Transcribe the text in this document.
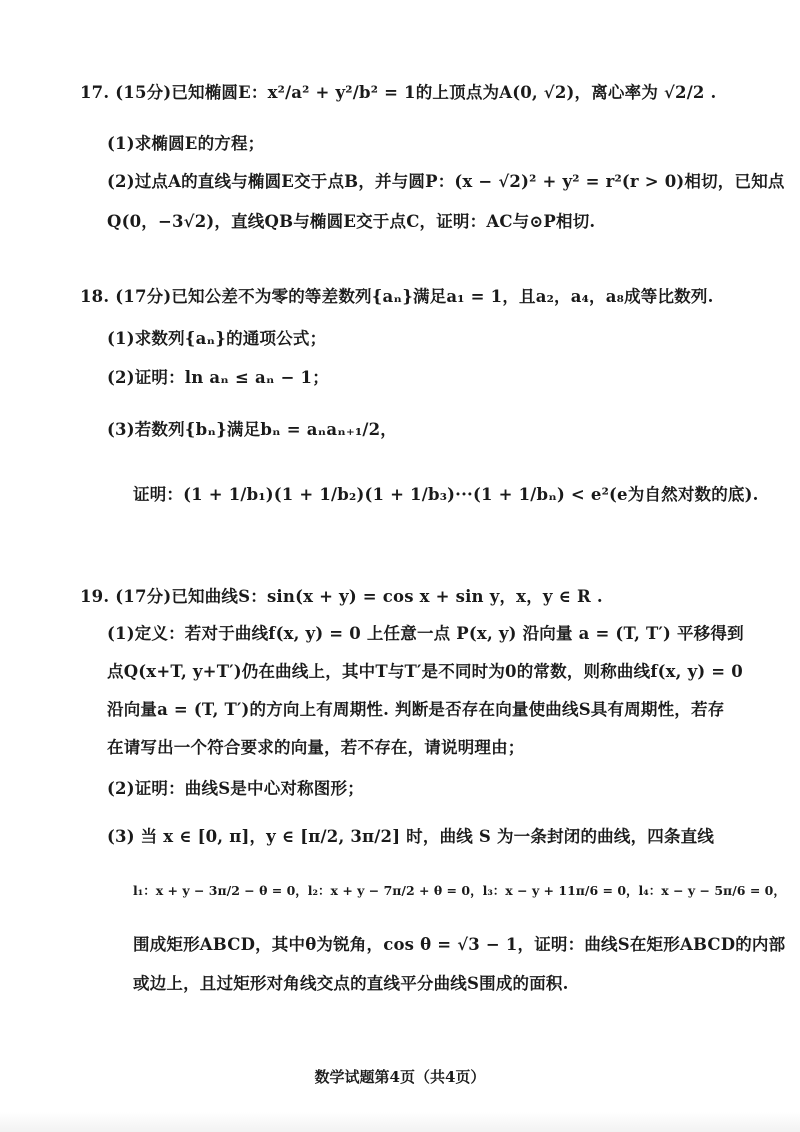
17. (15分)已知椭圆E：x²/a² + y²/b² = 1的上顶点为A(0, √2)，离心率为 √2/2 .
(1)求椭圆E的方程；
(2)过点A的直线与椭圆E交于点B，并与圆P：(x − √2)² + y² = r²(r > 0)相切，已知点
Q(0，−3√2)，直线QB与椭圆E交于点C，证明：AC与⊙P相切.
18. (17分)已知公差不为零的等差数列{aₙ}满足a₁ = 1，且a₂，a₄，a₈成等比数列.
(1)求数列{aₙ}的通项公式；
(2)证明：ln aₙ ≤ aₙ − 1；
(3)若数列{bₙ}满足bₙ = aₙaₙ₊₁/2，
证明：(1 + 1/b₁)(1 + 1/b₂)(1 + 1/b₃)···(1 + 1/bₙ) < e²(e为自然对数的底).
19. (17分)已知曲线S：sin(x + y) = cos x + sin y，x，y ∈ R .
(1)定义：若对于曲线f(x, y) = 0 上任意一点 P(x, y) 沿向量 a = (T, T′) 平移得到
点Q(x+T, y+T′)仍在曲线上，其中T与T′是不同时为0的常数，则称曲线f(x, y) = 0
沿向量a = (T, T′)的方向上有周期性. 判断是否存在向量使曲线S具有周期性，若存
在请写出一个符合要求的向量，若不存在，请说明理由；
(2)证明：曲线S是中心对称图形；
(3) 当 x ∈ [0, π]，y ∈ [π/2, 3π/2] 时，曲线 S 为一条封闭的曲线，四条直线
l₁：x + y − 3π/2 − θ = 0，l₂：x + y − 7π/2 + θ = 0，l₃：x − y + 11π/6 = 0，l₄：x − y − 5π/6 = 0，
围成矩形ABCD，其中θ为锐角，cos θ = √3 − 1，证明：曲线S在矩形ABCD的内部
或边上，且过矩形对角线交点的直线平分曲线S围成的面积.
数学试题第4页（共4页）
